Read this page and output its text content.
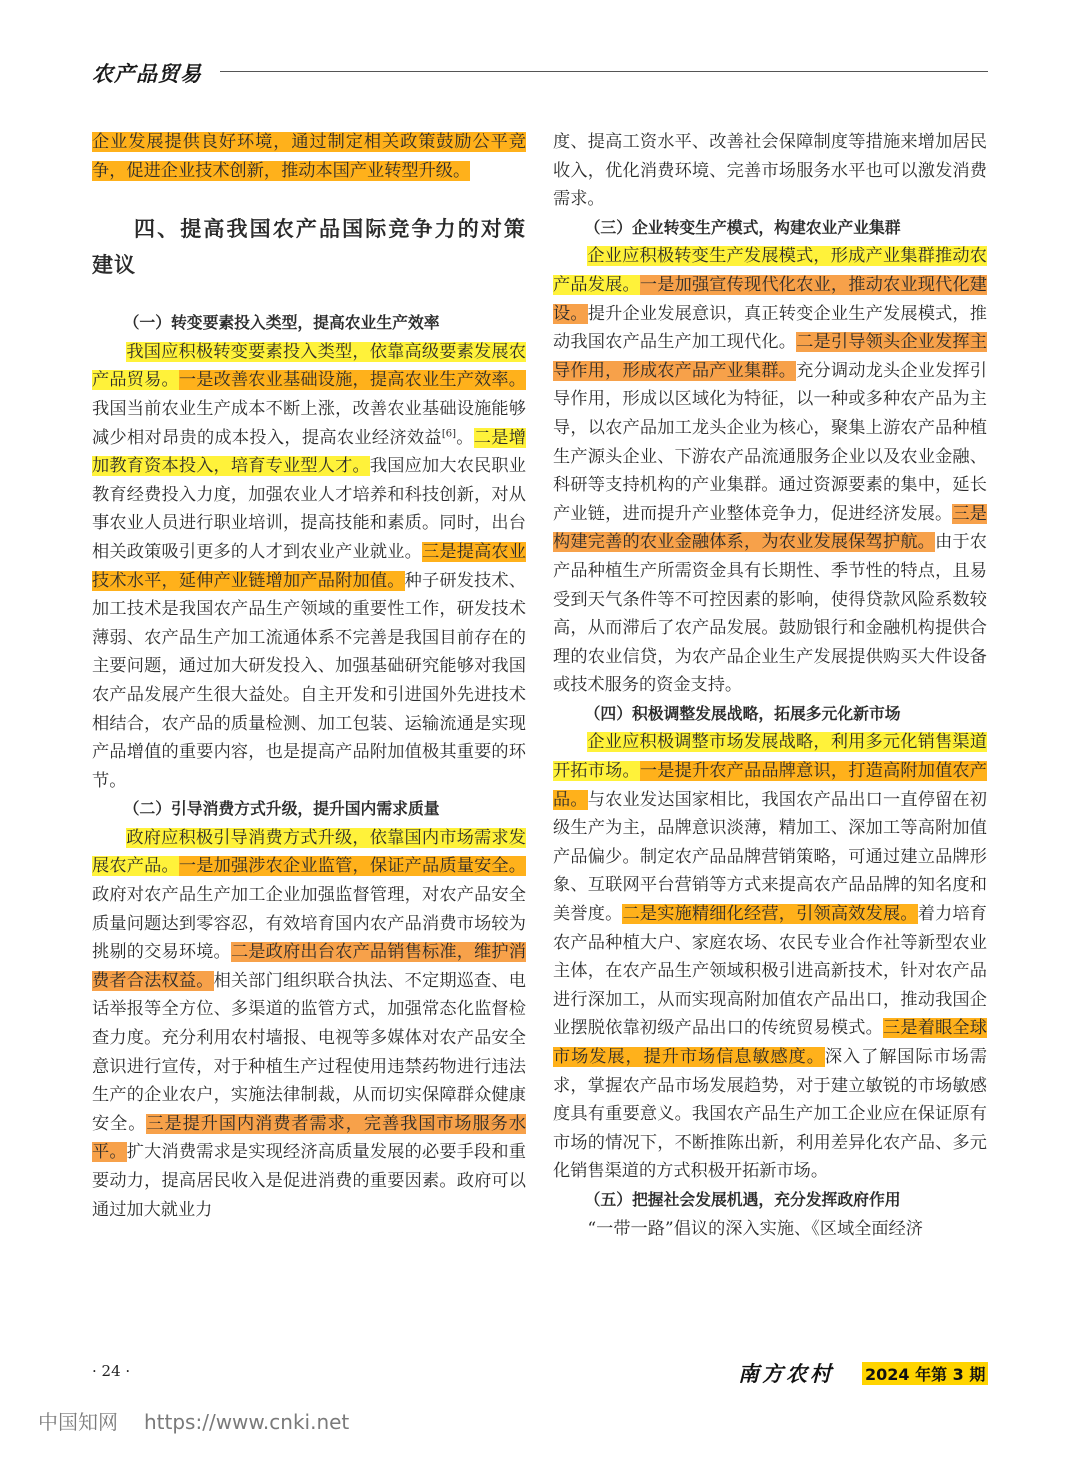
农产品贸易

企业发展提供良好环境，通过制定相关政策鼓励公平竞争，促进企业技术创新，推动本国产业转型升级。

四、提高我国农产品国际竞争力的对策建议

（一）转变要素投入类型，提高农业生产效率

我国应积极转变要素投入类型，依靠高级要素发展农产品贸易。一是改善农业基础设施，提高农业生产效率。我国当前农业生产成本不断上涨，改善农业基础设施能够减少相对昂贵的成本投入，提高农业经济效益[6]。二是增加教育资本投入，培育专业型人才。我国应加大农民职业教育经费投入力度，加强农业人才培养和科技创新，对从事农业人员进行职业培训，提高技能和素质。同时，出台相关政策吸引更多的人才到农业产业就业。三是提高农业技术水平，延伸产业链增加产品附加值。种子研发技术、加工技术是我国农产品生产领域的重要性工作，研发技术薄弱、农产品生产加工流通体系不完善是我国目前存在的主要问题，通过加大研发投入、加强基础研究能够对我国农产品发展产生很大益处。自主开发和引进国外先进技术相结合，农产品的质量检测、加工包装、运输流通是实现产品增值的重要内容，也是提高产品附加值极其重要的环节。

（二）引导消费方式升级，提升国内需求质量

政府应积极引导消费方式升级，依靠国内市场需求发展农产品。一是加强涉农企业监管，保证产品质量安全。政府对农产品生产加工企业加强监督管理，对农产品安全质量问题达到零容忍，有效培育国内农产品消费市场较为挑剔的交易环境。二是政府出台农产品销售标准，维护消费者合法权益。相关部门组织联合执法、不定期巡查、电话举报等全方位、多渠道的监管方式，加强常态化监督检查力度。充分利用农村墙报、电视等多媒体对农产品安全意识进行宣传，对于种植生产过程使用违禁药物进行违法生产的企业农户，实施法律制裁，从而切实保障群众健康安全。三是提升国内消费者需求，完善我国市场服务水平。扩大消费需求是实现经济高质量发展的必要手段和重要动力，提高居民收入是促进消费的重要因素。政府可以通过加大就业力

度、提高工资水平、改善社会保障制度等措施来增加居民收入，优化消费环境、完善市场服务水平也可以激发消费需求。

（三）企业转变生产模式，构建农业产业集群

企业应积极转变生产发展模式，形成产业集群推动农产品发展。一是加强宣传现代化农业，推动农业现代化建设。提升企业发展意识，真正转变企业生产发展模式，推动我国农产品生产加工现代化。二是引导领头企业发挥主导作用，形成农产品产业集群。充分调动龙头企业发挥引导作用，形成以区域化为特征，以一种或多种农产品为主导，以农产品加工龙头企业为核心，聚集上游农产品种植生产源头企业、下游农产品流通服务企业以及农业金融、科研等支持机构的产业集群。通过资源要素的集中，延长产业链，进而提升产业整体竞争力，促进经济发展。三是构建完善的农业金融体系，为农业发展保驾护航。由于农产品种植生产所需资金具有长期性、季节性的特点，且易受到天气条件等不可控因素的影响，使得贷款风险系数较高，从而滞后了农产品发展。鼓励银行和金融机构提供合理的农业信贷，为农产品企业生产发展提供购买大件设备或技术服务的资金支持。

（四）积极调整发展战略，拓展多元化新市场

企业应积极调整市场发展战略，利用多元化销售渠道开拓市场。一是提升农产品品牌意识，打造高附加值农产品。与农业发达国家相比，我国农产品出口一直停留在初级生产为主，品牌意识淡薄，精加工、深加工等高附加值产品偏少。制定农产品品牌营销策略，可通过建立品牌形象、互联网平台营销等方式来提高农产品品牌的知名度和美誉度。二是实施精细化经营，引领高效发展。着力培育农产品种植大户、家庭农场、农民专业合作社等新型农业主体，在农产品生产领域积极引进高新技术，针对农产品进行深加工，从而实现高附加值农产品出口，推动我国企业摆脱依靠初级产品出口的传统贸易模式。三是着眼全球市场发展，提升市场信息敏感度。深入了解国际市场需求，掌握农产品市场发展趋势，对于建立敏锐的市场敏感度具有重要意义。我国农产品生产加工企业应在保证原有市场的情况下，不断推陈出新，利用差异化农产品、多元化销售渠道的方式积极开拓新市场。

（五）把握社会发展机遇，充分发挥政府作用

“一带一路”倡议的深入实施、《区域全面经济

· 24 ·	南方农村 2024 年第 3 期
中国知网 https://www.cnki.net
